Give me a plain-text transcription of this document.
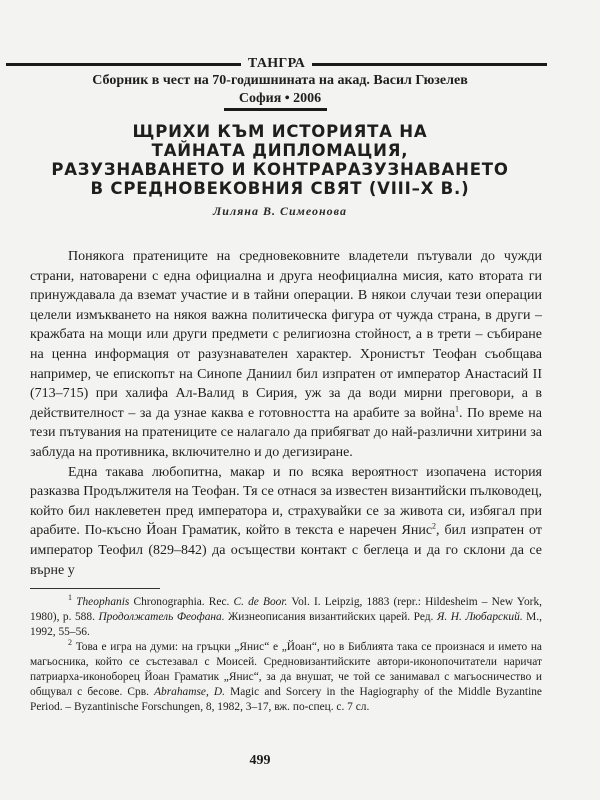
ТАНГРА
Сборник в чест на 70-годишнината на акад. Васил Гюзелев
София • 2006
ЩРИХИ КЪМ ИСТОРИЯТА НА
ТАЙНАТА ДИПЛОМАЦИЯ,
РАЗУЗНАВАНЕТО И КОНТРАРАЗУЗНАВАНЕТО
В СРЕДНОВЕКОВНИЯ СВЯТ (VIII–X В.)
Лиляна В. Симеонова

Понякога пратениците на средновековните владетели пътували до чужди страни, натоварени с една официална и друга неофициална мисия, като втората ги принуждавала да вземат участие и в тайни операции. В някои случаи тези операции целели измъкването на някоя важна политическа фигура от чужда страна, в други – кражбата на мощи или други предмети с религиозна стойност, а в трети – събиране на ценна информация от разузнавателен характер. Хронистът Теофан съобщава например, че епископът на Синопе Даниил бил изпратен от император Анастасий II (713–715) при халифа Ал-Валид в Сирия, уж за да води мирни преговори, а в действителност – за да узнае каква е готовността на арабите за война$^1$. По време на тези пътувания на пратениците се налагало да прибягват до най-различни хитрини за заблуда на противника, включително и до дегизиране.

Една такава любопитна, макар и по всяка вероятност изопачена история разказва Продължителя на Теофан. Тя се отнася за известен византийски пълководец, който бил наклеветен пред императора и, страхувайки се за живота си, избягал при арабите. По-късно Йоан Граматик, който в текста е наречен Янис$^2$, бил изпратен от император Теофил (829–842) да осъществи контакт с беглеца и да го склони да се върне у

$^1$ Theophanis Chronographia. Rec. C. de Boor. Vol. I. Leipzig, 1883 (repr.: Hildesheim – New York, 1980), p. 588. Продолжатель Феофана. Жизнеописания византийских царей. Ред. Я. Н. Любарский. М., 1992, 55–56.

$^2$ Това е игра на думи: на гръцки „Янис“ е „Йоан“, но в Библията така се произнася и името на магьосника, който се състезавал с Моисей. Средновизантийските автори-иконопочитатели наричат патриарха-иконоборец Йоан Граматик „Янис“, за да внушат, че той се занимавал с магьосничество и общувал с бесове. Срв. Abrahamse, D. Magic and Sorcery in the Hagiography of the Middle Byzantine Period. – Byzantinische Forschungen, 8, 1982, 3–17, вж. по-спец. с. 7 сл.

499
